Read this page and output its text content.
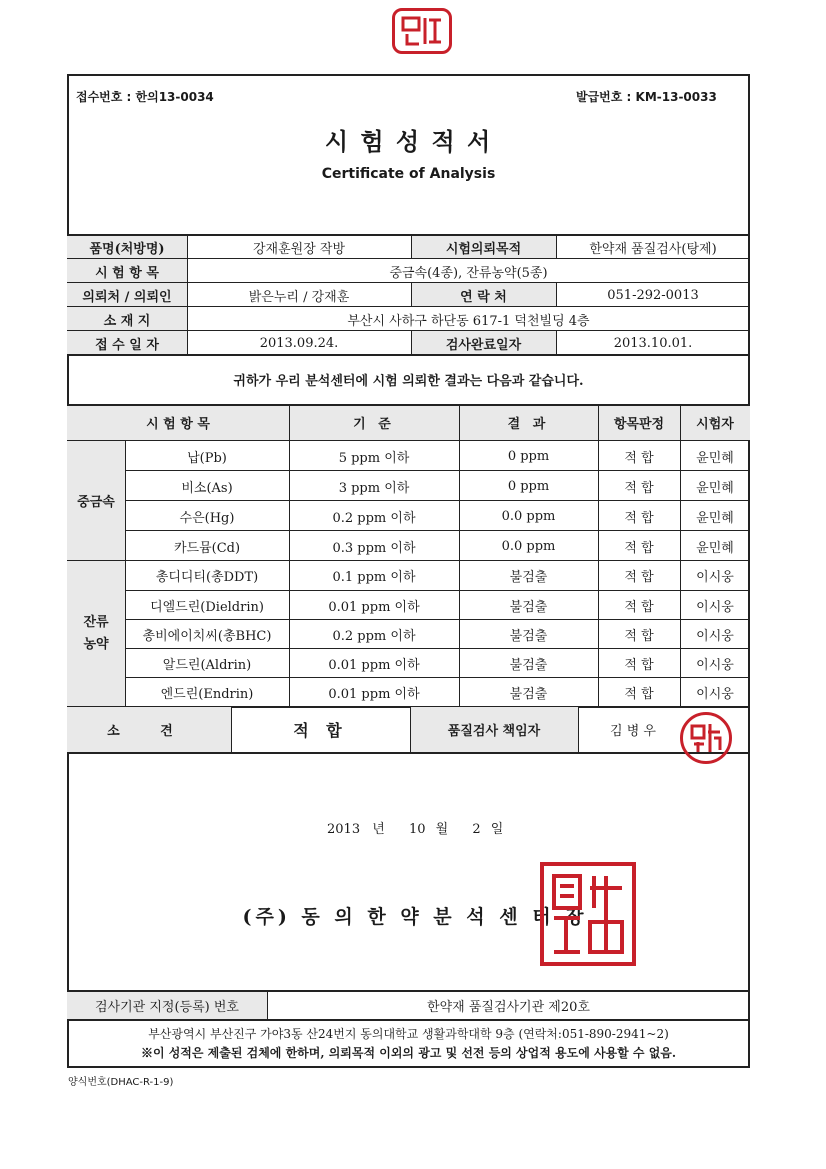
접수번호 : 한의13-0034	발급번호 : KM-13-0033
시 험 성 적 서
Certificate of Analysis
품명(처방명)	강재훈원장 작방	시험의뢰목적	한약재 품질검사(탕제)
시 험 항 목	중금속(4종), 잔류농약(5종)
의뢰처 / 의뢰인	밝은누리 / 강재훈	연 락 처	051-292-0013
소 재 지	부산시 사하구 하단동 617-1 덕천빌딩 4층
접 수 일 자	2013.09.24.	검사완료일자	2013.10.01.
귀하가 우리 분석센터에 시험 의뢰한 결과는 다음과 같습니다.
시 험 항 목	기 준	결 과	항목판정	시험자
중금속
잔류
농약
납(Pb)	5 ppm 이하	0 ppm	적 합	윤민혜
비소(As)	3 ppm 이하	0 ppm	적 합	윤민혜
수은(Hg)	0.2 ppm 이하	0.0 ppm	적 합	윤민혜
카드뮴(Cd)	0.3 ppm 이하	0.0 ppm	적 합	윤민혜
총디디티(총DDT)	0.1 ppm 이하	불검출	적 합	이시웅
디엘드린(Dieldrin)	0.01 ppm 이하	불검출	적 합	이시웅
총비에이치씨(총BHC)	0.2 ppm 이하	불검출	적 합	이시웅
알드린(Aldrin)	0.01 ppm 이하	불검출	적 합	이시웅
엔드린(Endrin)	0.01 ppm 이하	불검출	적 합	이시웅
소 견	적 합	품질검사 책임자	김 병 우
2013 년 10 월 2 일
(주) 동 의 한 약 분 석 센 터 장
검사기관 지정(등록) 번호	한약재 품질검사기관 제20호
부산광역시 부산진구 가야3동 산24번지 동의대학교 생활과학대학 9층 (연락처:051-890-2941~2)
※이 성적은 제출된 검체에 한하며, 의뢰목적 이외의 광고 및 선전 등의 상업적 용도에 사용할 수 없음.
양식번호(DHAC-R-1-9)
